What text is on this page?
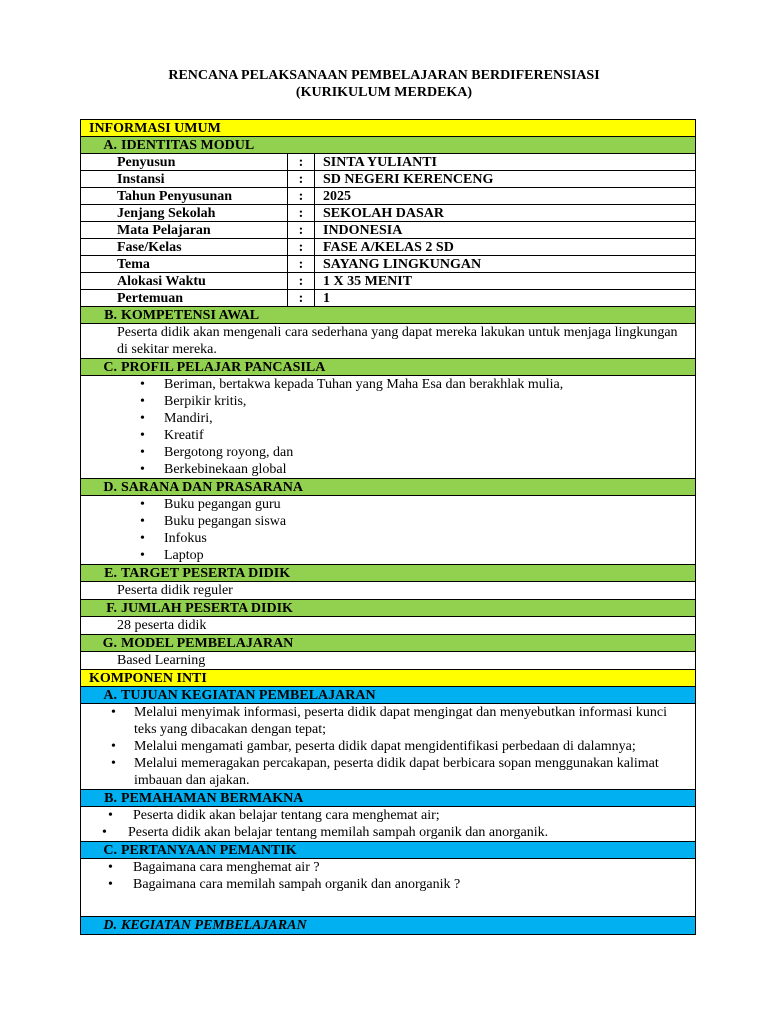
RENCANA PELAKSANAAN PEMBELAJARAN BERDIFERENSIASI
(KURIKULUM MERDEKA)
INFORMASI UMUM
A. IDENTITAS MODUL
Penyusun	:	SINTA YULIANTI
Instansi	:	SD NEGERI KERENCENG
Tahun Penyusunan	:	2025
Jenjang Sekolah	:	SEKOLAH DASAR
Mata Pelajaran	:	INDONESIA
Fase/Kelas	:	FASE A/KELAS 2 SD
Tema	:	SAYANG LINGKUNGAN
Alokasi Waktu	:	1 X 35 MENIT
Pertemuan	:	1
B. KOMPETENSI AWAL
Peserta didik akan mengenali cara sederhana yang dapat mereka lakukan untuk menjaga lingkungan di sekitar mereka.
C. PROFIL PELAJAR PANCASILA
• Beriman, bertakwa kepada Tuhan yang Maha Esa dan berakhlak mulia,
• Berpikir kritis,
• Mandiri,
• Kreatif
• Bergotong royong, dan
• Berkebinekaan global
D. SARANA DAN PRASARANA
• Buku pegangan guru
• Buku pegangan siswa
• Infokus
• Laptop
E. TARGET PESERTA DIDIK
Peserta didik reguler
F. JUMLAH PESERTA DIDIK
28 peserta didik
G. MODEL PEMBELAJARAN
Based Learning
KOMPONEN INTI
A. TUJUAN KEGIATAN PEMBELAJARAN
• Melalui menyimak informasi, peserta didik dapat mengingat dan menyebutkan informasi kunci teks yang dibacakan dengan tepat;
• Melalui mengamati gambar, peserta didik dapat mengidentifikasi perbedaan di dalamnya;
• Melalui memeragakan percakapan, peserta didik dapat berbicara sopan menggunakan kalimat imbauan dan ajakan.
B. PEMAHAMAN BERMAKNA
• Peserta didik akan belajar tentang cara menghemat air;
• Peserta didik akan belajar tentang memilah sampah organik dan anorganik.
C. PERTANYAAN PEMANTIK
• Bagaimana cara menghemat air ?
• Bagaimana cara memilah sampah organik dan anorganik ?
D. KEGIATAN PEMBELAJARAN
